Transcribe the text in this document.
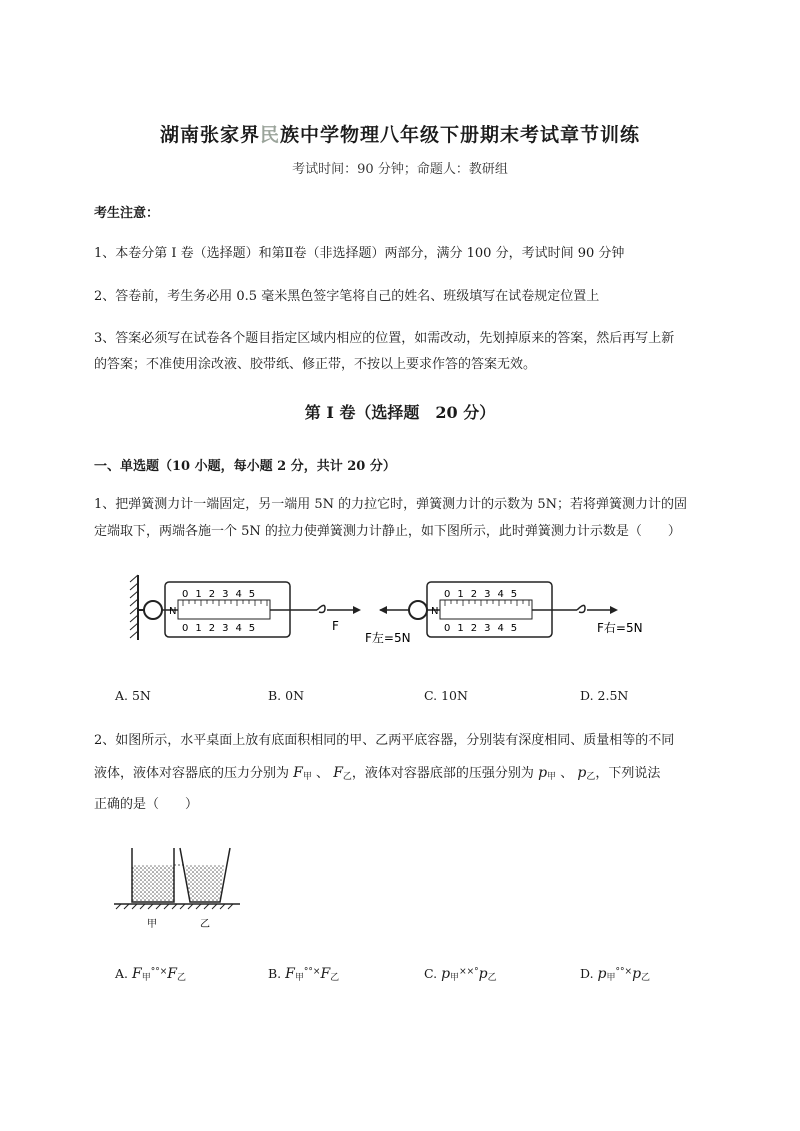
湖南张家界民族中学物理八年级下册期末考试章节训练
考试时间：90 分钟；命题人：教研组
考生注意：
1、本卷分第 I 卷（选择题）和第Ⅱ卷（非选择题）两部分，满分 100 分，考试时间 90 分钟
2、答卷前，考生务必用 0.5 毫米黑色签字笔将自己的姓名、班级填写在试卷规定位置上
3、答案必须写在试卷各个题目指定区域内相应的位置，如需改动，先划掉原来的答案，然后再写上新
的答案；不准使用涂改液、胶带纸、修正带，不按以上要求作答的答案无效。
第 I 卷（选择题　20 分）
一、单选题（10 小题，每小题 2 分，共计 20 分）
1、把弹簧测力计一端固定，另一端用 5N 的力拉它时，弹簧测力计的示数为 5N；若将弹簧测力计的固
定端取下，两端各施一个 5N 的拉力使弹簧测力计静止，如下图所示，此时弹簧测力计示数是（　　）
N
012345
012345	F
N
012345
012345
F左=5N
F右=5N
A. 5N	B. 0N	C. 10N	D. 2.5N
2、如图所示，水平桌面上放有底面积相同的甲、乙两平底容器，分别装有深度相同、质量相等的不同
液体，液体对容器底的压力分别为 $F_甲$ 、 $F_乙$，液体对容器底部的压强分别为 $p_甲$ 、 $p_乙$，下列说法
正确的是（　　）
甲	乙
A. $F_甲^{^\circ^\circ\times}F_乙$	B. $F_甲^{^\circ^\circ\times}F_乙$	C. $p_甲^{\times\times^\circ}p_乙$	D. $p_甲^{^\circ^\circ\times}p_乙$
